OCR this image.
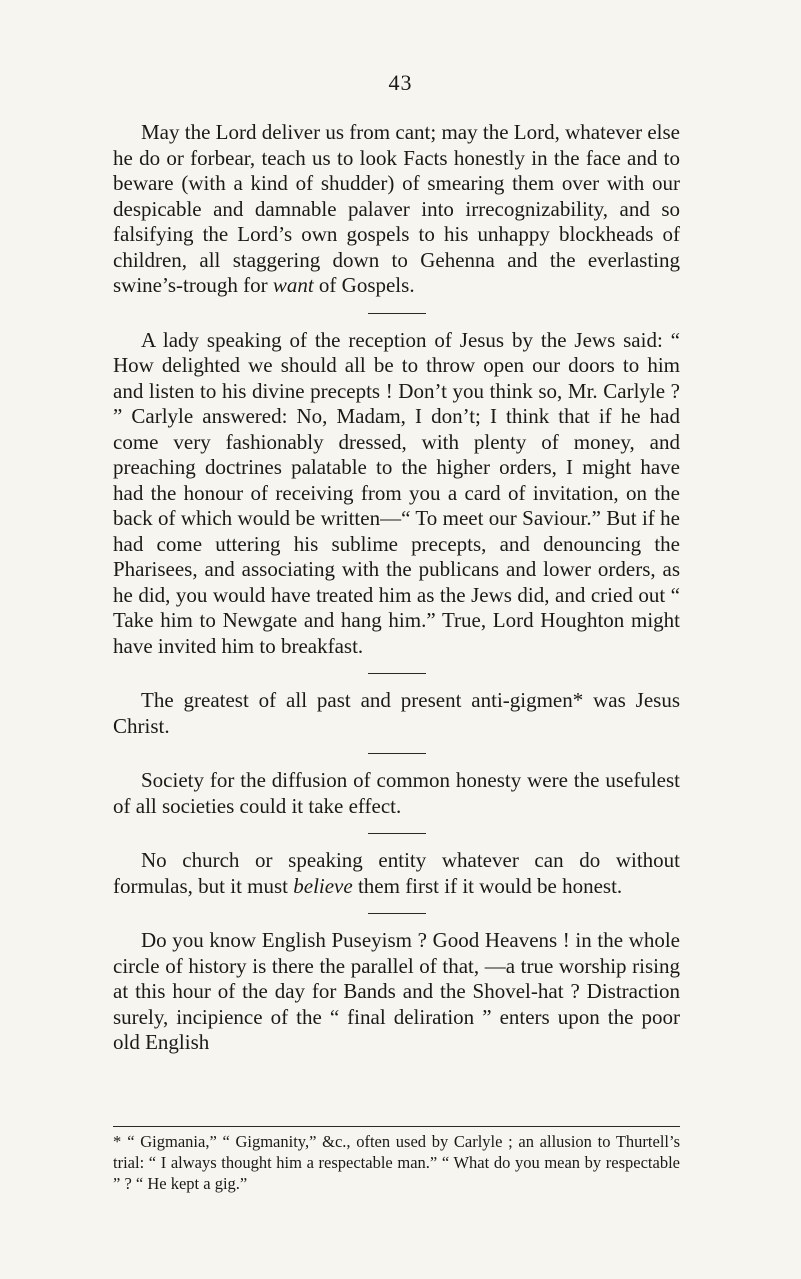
43

May the Lord deliver us from cant; may the Lord, whatever else he do or forbear, teach us to look Facts honestly in the face and to beware (with a kind of shudder) of smearing them over with our despicable and damnable palaver into irrecognizability, and so falsifying the Lord’s own gospels to his unhappy blockheads of children, all staggering down to Gehenna and the everlasting swine’s-trough for want of Gospels.

A lady speaking of the reception of Jesus by the Jews said: “ How delighted we should all be to throw open our doors to him and listen to his divine precepts ! Don’t you think so, Mr. Carlyle ? ” Carlyle answered: No, Madam, I don’t; I think that if he had come very fashionably dressed, with plenty of money, and preaching doctrines palatable to the higher orders, I might have had the honour of receiving from you a card of invitation, on the back of which would be written—“ To meet our Saviour.” But if he had come uttering his sublime precepts, and denouncing the Pharisees, and associating with the publicans and lower orders, as he did, you would have treated him as the Jews did, and cried out “ Take him to Newgate and hang him.” True, Lord Houghton might have invited him to breakfast.

The greatest of all past and present anti-gigmen* was Jesus Christ.

Society for the diffusion of common honesty were the usefulest of all societies could it take effect.

No church or speaking entity whatever can do without formulas, but it must believe them first if it would be honest.

Do you know English Puseyism ? Good Heavens ! in the whole circle of history is there the parallel of that, —a true worship rising at this hour of the day for Bands and the Shovel-hat ? Distraction surely, incipience of the “ final deliration ” enters upon the poor old English

* “ Gigmania,” “ Gigmanity,” &c., often used by Carlyle ; an allusion to Thurtell’s trial: “ I always thought him a respectable man.” “ What do you mean by respectable ” ? “ He kept a gig.”
